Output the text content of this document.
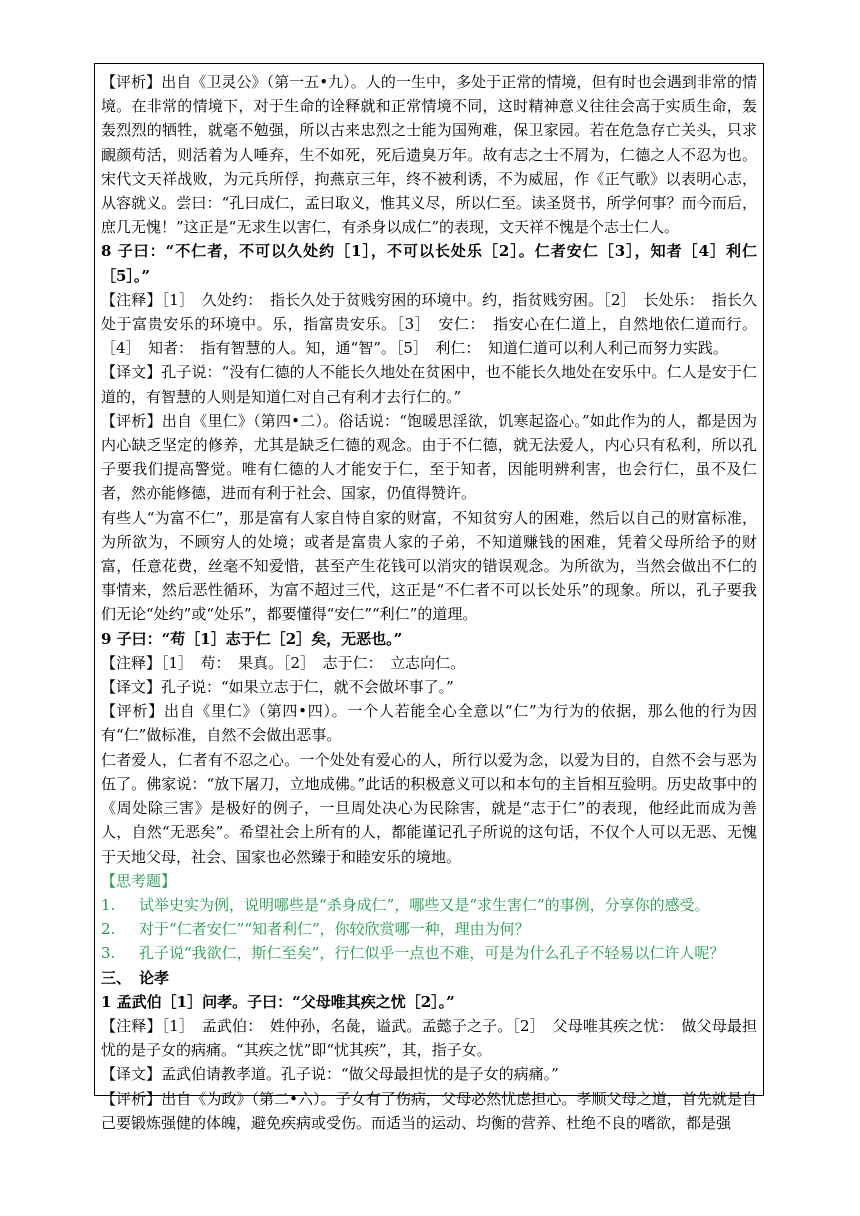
【评析】出自《卫灵公》（第一五•九）。人的一生中，多处于正常的情境，但有时也会遇到非常的情境。在非常的情境下，对于生命的诠释就和正常情境不同，这时精神意义往往会高于实质生命，轰轰烈烈的牺牲，就毫不勉强，所以古来忠烈之士能为国殉难，保卫家园。若在危急存亡关头，只求靦颜苟活，则活着为人唾弃，生不如死，死后遗臭万年。故有志之士不屑为，仁德之人不忍为也。宋代文天祥战败，为元兵所俘，拘燕京三年，终不被利诱，不为威屈，作《正气歌》以表明心志，从容就义。尝曰：“孔曰成仁，孟曰取义，惟其义尽，所以仁至。读圣贤书，所学何事？而今而后，庶几无愧！”这正是“无求生以害仁，有杀身以成仁”的表现，文天祥不愧是个志士仁人。

8 子曰：“不仁者，不可以久处约［1］，不可以长处乐［2］。仁者安仁［3］，知者［4］利仁［5］。”

【注释】［1］　久处约：　指长久处于贫贱穷困的环境中。约，指贫贱穷困。［2］　长处乐：　指长久处于富贵安乐的环境中。乐，指富贵安乐。［3］　安仁：　指安心在仁道上，自然地依仁道而行。［4］　知者：　指有智慧的人。知，通“智”。［5］　利仁：　知道仁道可以利人利己而努力实践。

【译文】孔子说：“没有仁德的人不能长久地处在贫困中，也不能长久地处在安乐中。仁人是安于仁道的，有智慧的人则是知道仁对自己有利才去行仁的。”

【评析】出自《里仁》（第四•二）。俗话说：“饱暖思淫欲，饥寒起盗心。”如此作为的人，都是因为内心缺乏坚定的修养，尤其是缺乏仁德的观念。由于不仁德，就无法爱人，内心只有私利，所以孔子要我们提高警觉。唯有仁德的人才能安于仁，至于知者，因能明辨利害，也会行仁，虽不及仁者，然亦能修德，进而有利于社会、国家，仍值得赞许。

有些人“为富不仁”，那是富有人家自恃自家的财富，不知贫穷人的困难，然后以自己的财富标准，为所欲为，不顾穷人的处境；或者是富贵人家的子弟，不知道赚钱的困难，凭着父母所给予的财富，任意花费，丝毫不知爱惜，甚至产生花钱可以消灾的错误观念。为所欲为，当然会做出不仁的事情来，然后恶性循环，为富不超过三代，这正是“不仁者不可以长处乐”的现象。所以，孔子要我们无论“处约”或“处乐”，都要懂得“安仁”“利仁”的道理。

9 子曰：“苟［1］志于仁［2］矣，无恶也。”

【注释】［1］　苟：　果真。［2］　志于仁：　立志向仁。

【译文】孔子说：“如果立志于仁，就不会做坏事了。”

【评析】出自《里仁》（第四•四）。一个人若能全心全意以“仁”为行为的依据，那么他的行为因有“仁”做标准，自然不会做出恶事。

仁者爱人，仁者有不忍之心。一个处处有爱心的人，所行以爱为念，以爱为目的，自然不会与恶为伍了。佛家说：“放下屠刀，立地成佛。”此话的积极意义可以和本句的主旨相互验明。历史故事中的《周处除三害》是极好的例子，一旦周处决心为民除害，就是“志于仁”的表现，他经此而成为善人，自然“无恶矣”。希望社会上所有的人，都能谨记孔子所说的这句话，不仅个人可以无恶、无愧于天地父母，社会、国家也必然臻于和睦安乐的境地。

【思考题】

1.	试举史实为例，说明哪些是“杀身成仁”，哪些又是“求生害仁”的事例，分享你的感受。

2.	对于“仁者安仁”“知者利仁”，你较欣赏哪一种，理由为何？

3.	孔子说“我欲仁，斯仁至矣”，行仁似乎一点也不难，可是为什么孔子不轻易以仁许人呢？

三、 论孝

1 孟武伯［1］问孝。子曰：“父母唯其疾之忧［2］。”

【注释】［1］　孟武伯：　姓仲孙，名彘，谥武。孟懿子之子。［2］　父母唯其疾之忧：　做父母最担忧的是子女的病痛。“其疾之忧”即“忧其疾”，其，指子女。

【译文】孟武伯请教孝道。孔子说：“做父母最担忧的是子女的病痛。”

【评析】出自《为政》（第二•六）。子女有了伤病，父母必然忧虑担心。孝顺父母之道，首先就是自己要锻炼强健的体魄，避免疾病或受伤。而适当的运动、均衡的营养、杜绝不良的嗜欲，都是强
